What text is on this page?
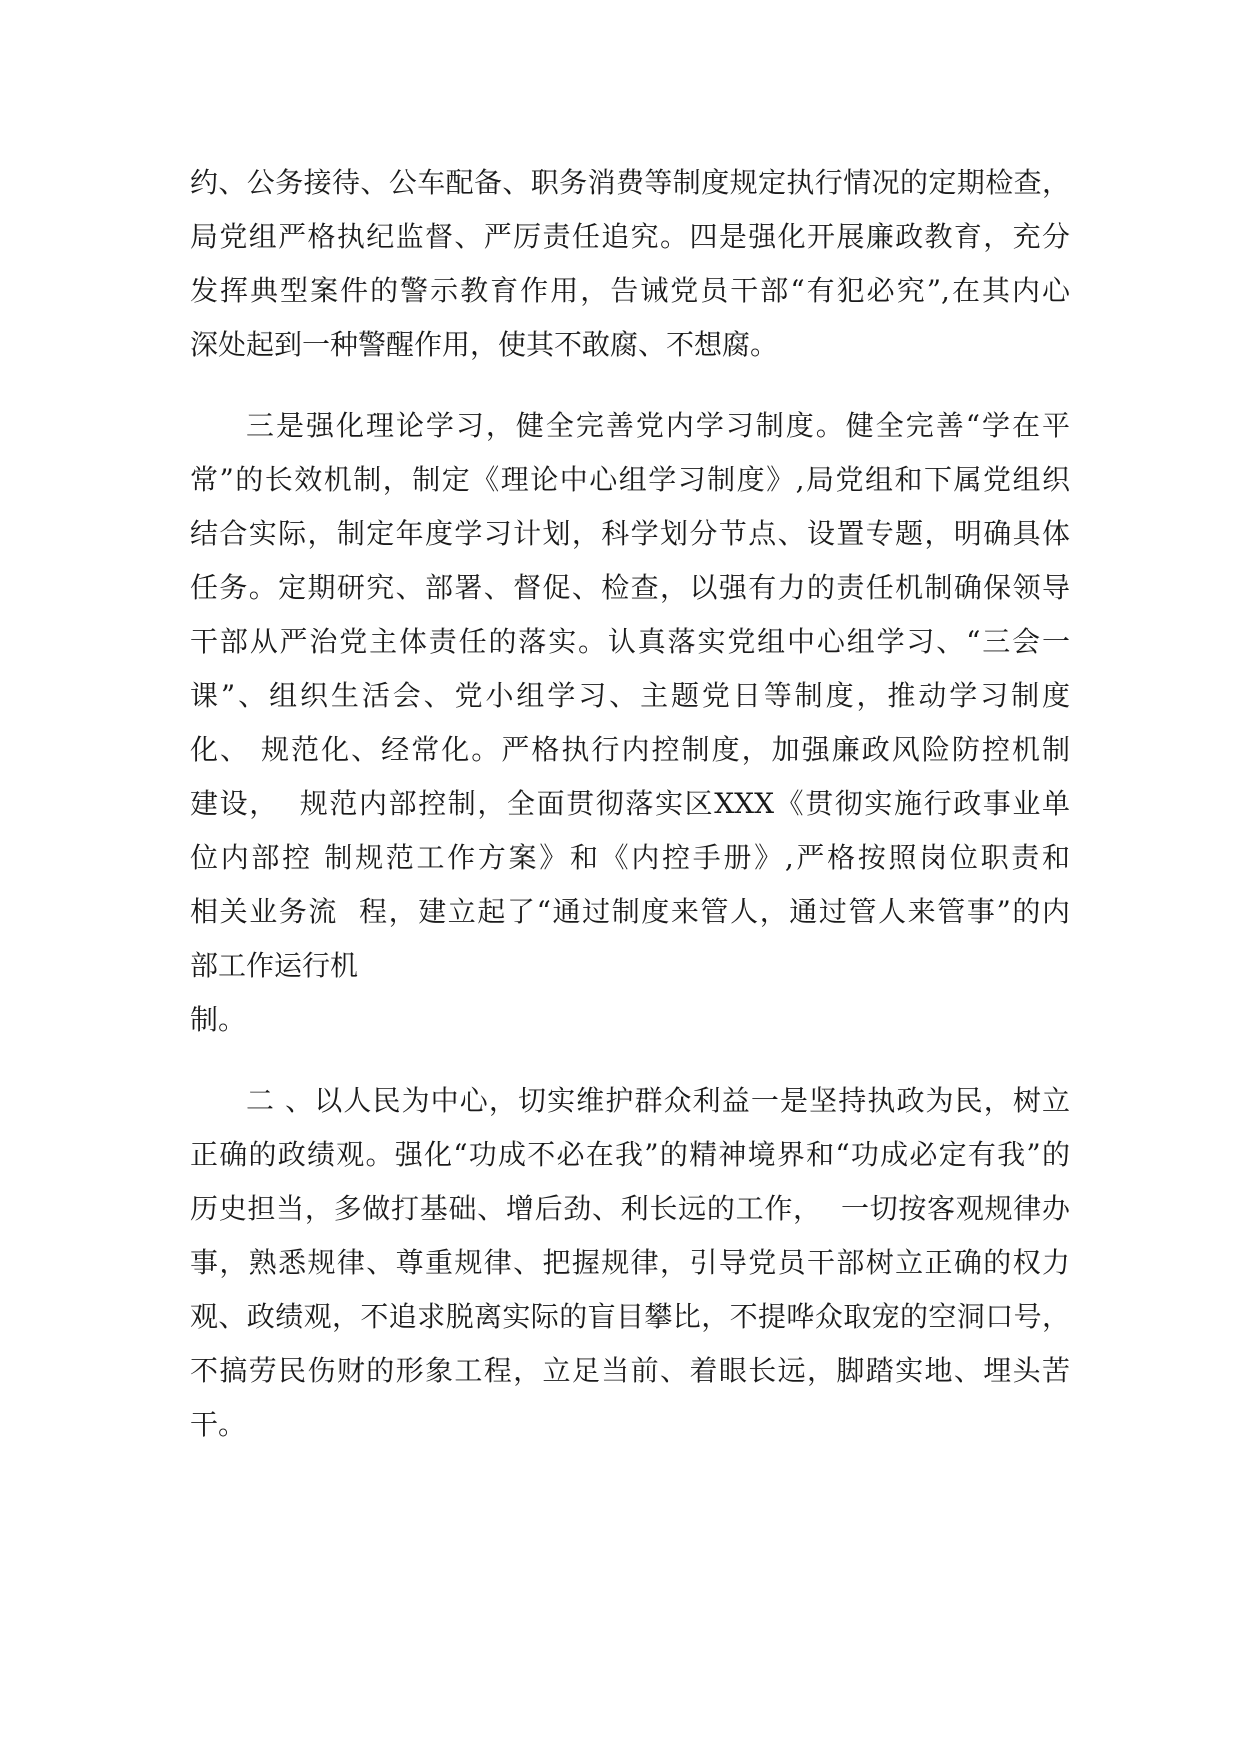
约、公务接待、公车配备、职务消费等制度规定执行情况的定期检查，
局党组严格执纪监督、严厉责任追究。四是强化开展廉政教育，充分
发挥典型案件的警示教育作用，告诫党员干部“有犯必究”,在其内心
深处起到一种警醒作用，使其不敢腐、不想腐。
三是强化理论学习，健全完善党内学习制度。健全完善“学在平
常”的长效机制，制定《理论中心组学习制度》,局党组和下属党组织
结合实际，制定年度学习计划，科学划分节点、设置专题，明确具体
任务。定期研究、部署、督促、检查，以强有力的责任机制确保领导
干部从严治党主体责任的落实。认真落实党组中心组学习、“三会一
课”、组织生活会、党小组学习、主题党日等制度，推动学习制度
化、 规范化、经常化。严格执行内控制度，加强廉政风险防控机制
建设，  规范内部控制，全面贯彻落实区XXX《贯彻实施行政事业单
位内部控 制规范工作方案》和《内控手册》,严格按照岗位职责和
相关业务流  程，建立起了“通过制度来管人，通过管人来管事”的内
部工作运行机
制。
二 、以人民为中心，切实维护群众利益一是坚持执政为民，树立
正确的政绩观。强化“功成不必在我”的精神境界和“功成必定有我”的
历史担当，多做打基础、增后劲、利长远的工作，  一切按客观规律办
事，熟悉规律、尊重规律、把握规律，引导党员干部树立正确的权力
观、政绩观，不追求脱离实际的盲目攀比，不提哗众取宠的空洞口号，
不搞劳民伤财的形象工程，立足当前、着眼长远，脚踏实地、埋头苦
干。
